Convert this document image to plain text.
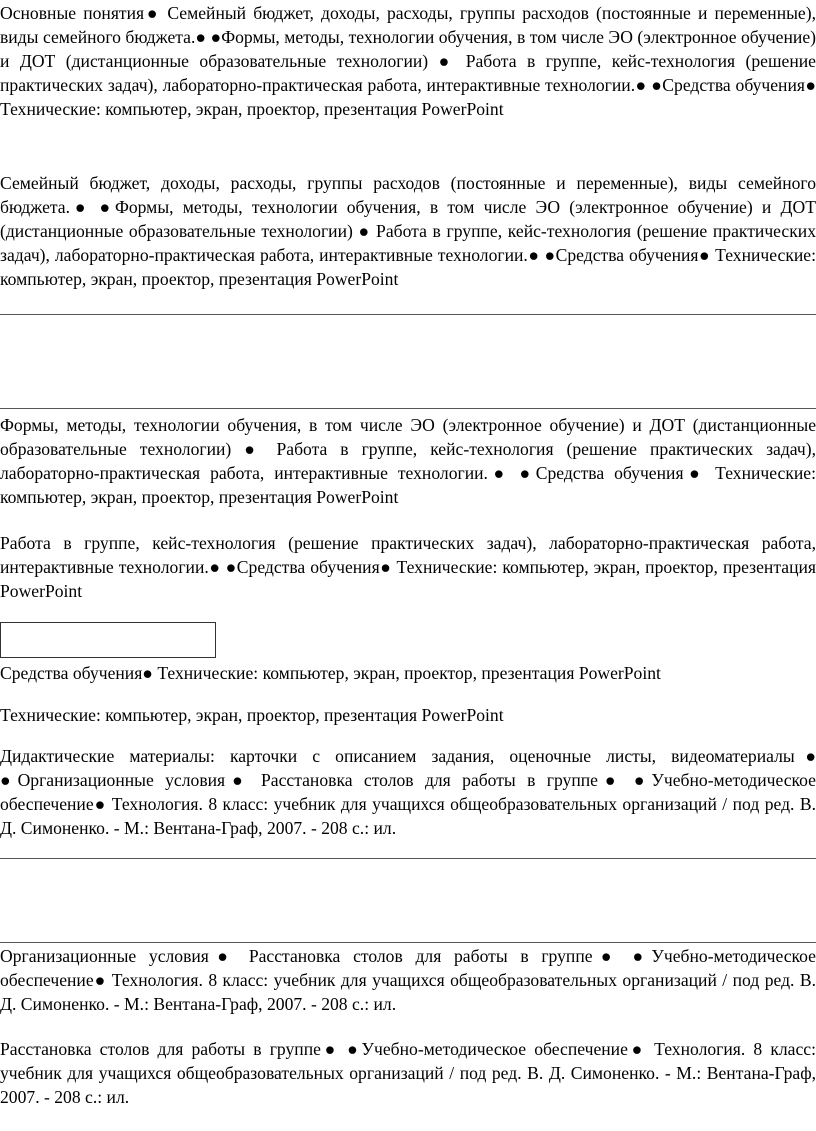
Основные понятия● Семейный бюджет, доходы, расходы, группы расходов (постоянные и переменные), виды семейного бюджета.● ●Формы, методы, технологии обучения, в том числе ЭО (электронное обучение) и ДОТ (дистанционные образовательные технологии) ● Работа в группе, кейс-технология (решение практических задач), лабораторно-практическая работа, интерактивные технологии.● ●Средства обучения● Технические: компьютер, экран, проектор, презентация PowerPoint

Семейный бюджет, доходы, расходы, группы расходов (постоянные и переменные), виды семейного бюджета.● ●Формы, методы, технологии обучения, в том числе ЭО (электронное обучение) и ДОТ (дистанционные образовательные технологии) ● Работа в группе, кейс-технология (решение практических задач), лабораторно-практическая работа, интерактивные технологии.● ●Средства обучения● Технические: компьютер, экран, проектор, презентация PowerPoint

Формы, методы, технологии обучения, в том числе ЭО (электронное обучение) и ДОТ (дистанционные образовательные технологии) ● Работа в группе, кейс-технология (решение практических задач), лабораторно-практическая работа, интерактивные технологии.● ●Средства обучения● Технические: компьютер, экран, проектор, презентация PowerPoint

Работа в группе, кейс-технология (решение практических задач), лабораторно-практическая работа, интерактивные технологии.● ●Средства обучения● Технические: компьютер, экран, проектор, презентация PowerPoint

Средства обучения● Технические: компьютер, экран, проектор, презентация PowerPoint

Технические: компьютер, экран, проектор, презентация PowerPoint

Дидактические материалы: карточки с описанием задания, оценочные листы, видеоматериалы● ●Организационные условия● Расстановка столов для работы в группе● ●Учебно-методическое обеспечение● Технология. 8 класс: учебник для учащихся общеобразовательных организаций / под ред. В. Д. Симоненко. - М.: Вентана-Граф, 2007. - 208 с.: ил.

Организационные условия● Расстановка столов для работы в группе● ●Учебно-методическое обеспечение● Технология. 8 класс: учебник для учащихся общеобразовательных организаций / под ред. В. Д. Симоненко. - М.: Вентана-Граф, 2007. - 208 с.: ил.

Расстановка столов для работы в группе● ●Учебно-методическое обеспечение● Технология. 8 класс: учебник для учащихся общеобразовательных организаций / под ред. В. Д. Симоненко. - М.: Вентана-Граф, 2007. - 208 с.: ил.
